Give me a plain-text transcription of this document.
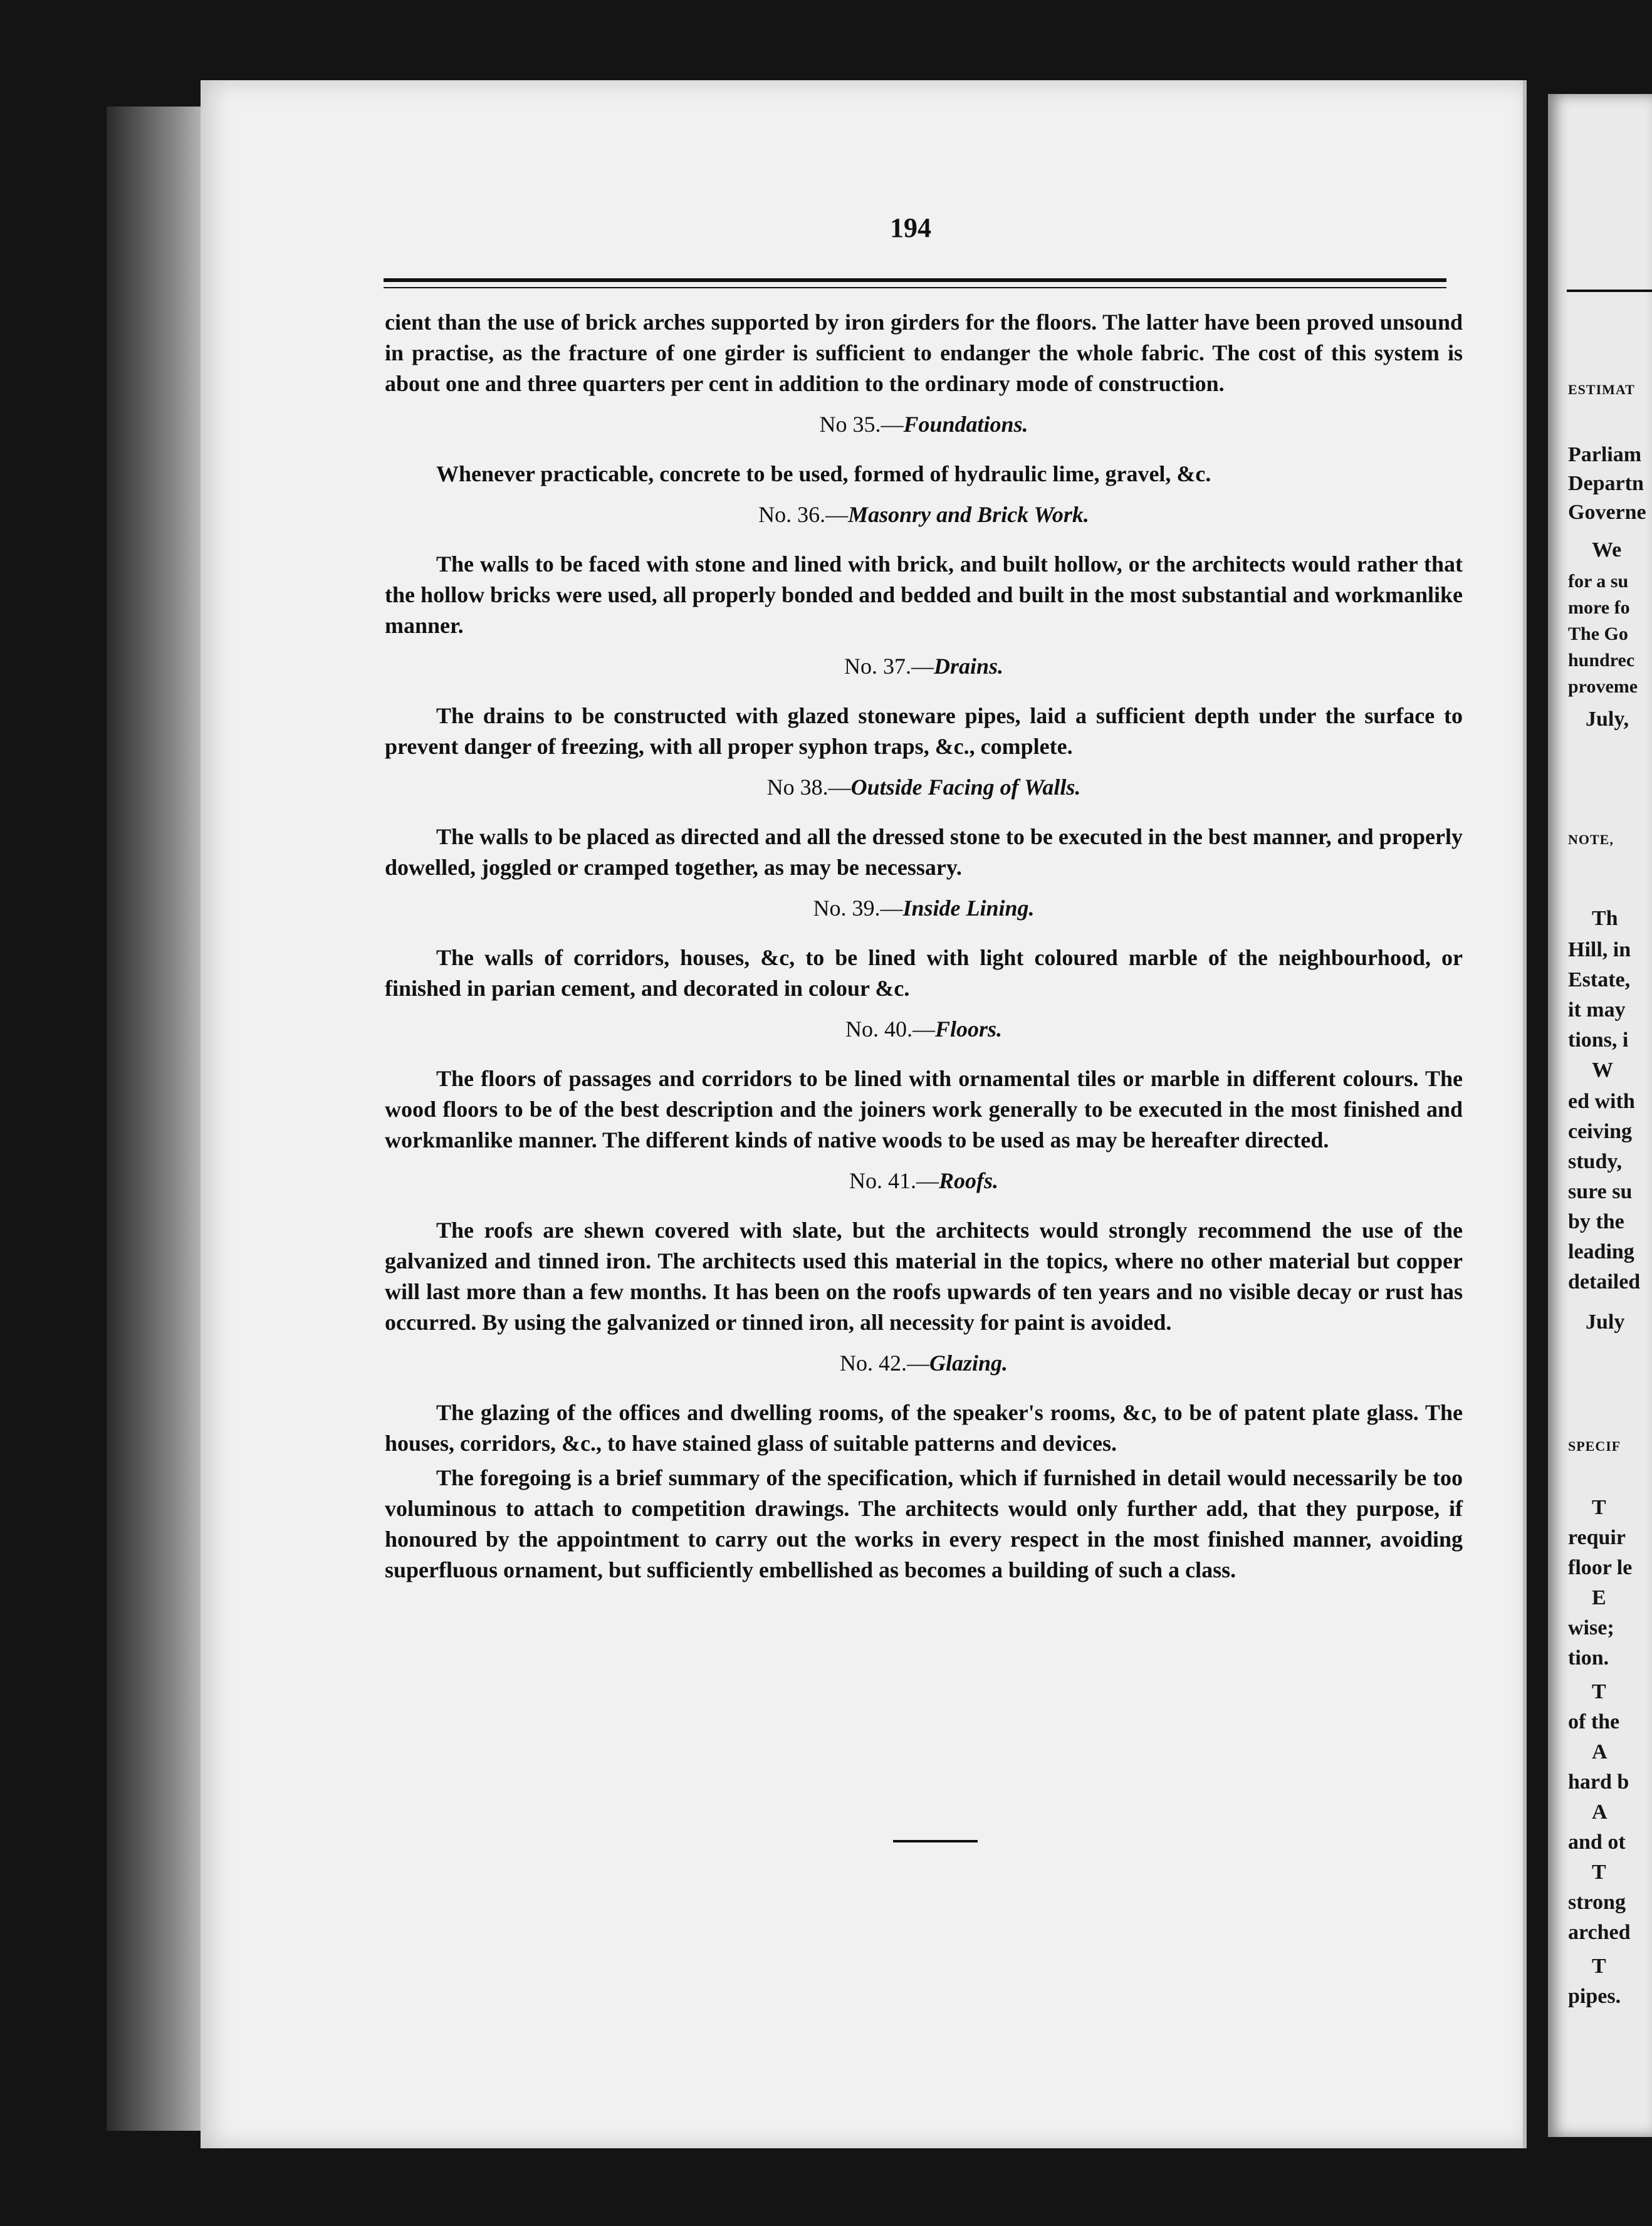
194

cient than the use of brick arches supported by iron girders for the floors. The latter have been proved unsound in practise, as the fracture of one girder is sufficient to endanger the whole fabric. The cost of this system is about one and three quarters per cent in addition to the ordinary mode of construction.

No 35.—Foundations.

Whenever practicable, concrete to be used, formed of hydraulic lime, gravel, &c.

No. 36.—Masonry and Brick Work.

The walls to be faced with stone and lined with brick, and built hollow, or the architects would rather that the hollow bricks were used, all properly bonded and bedded and built in the most substantial and workmanlike manner.

No. 37.—Drains.

The drains to be constructed with glazed stoneware pipes, laid a sufficient depth under the surface to prevent danger of freezing, with all proper syphon traps, &c., complete.

No 38.—Outside Facing of Walls.

The walls to be placed as directed and all the dressed stone to be executed in the best manner, and properly dowelled, joggled or cramped together, as may be necessary.

No. 39.—Inside Lining.

The walls of corridors, houses, &c, to be lined with light coloured marble of the neighbourhood, or finished in parian cement, and decorated in colour &c.

No. 40.—Floors.

The floors of passages and corridors to be lined with ornamental tiles or marble in different colours. The wood floors to be of the best description and the joiners work generally to be executed in the most finished and workmanlike manner. The different kinds of native woods to be used as may be hereafter directed.

No. 41.—Roofs.

The roofs are shewn covered with slate, but the architects would strongly recommend the use of the galvanized and tinned iron. The architects used this material in the topics, where no other material but copper will last more than a few months. It has been on the roofs upwards of ten years and no visible decay or rust has occurred. By using the galvanized or tinned iron, all necessity for paint is avoided.

No. 42.—Glazing.

The glazing of the offices and dwelling rooms, of the speaker's rooms, &c, to be of patent plate glass. The houses, corridors, &c., to have stained glass of suitable patterns and devices.

The foregoing is a brief summary of the specification, which if furnished in detail would necessarily be too voluminous to attach to competition drawings. The architects would only further add, that they purpose, if honoured by the appointment to carry out the works in every respect in the most finished manner, avoiding superfluous ornament, but sufficiently embellished as becomes a building of such a class.

ESTIMAT
Parliam
Departn
Governe
We
for a su
more fo
The Go
hundrec
proveme
July,
NOTE,
Th
Hill, in
Estate,
it may
tions, i
W
ed with
ceiving
study,
sure su
by the
leading
detailed
July
SPECIF
T
requir
floor le
E
wise;
tion.
T
of the
A
hard b
A
and ot
T
strong
arched
T
pipes.
